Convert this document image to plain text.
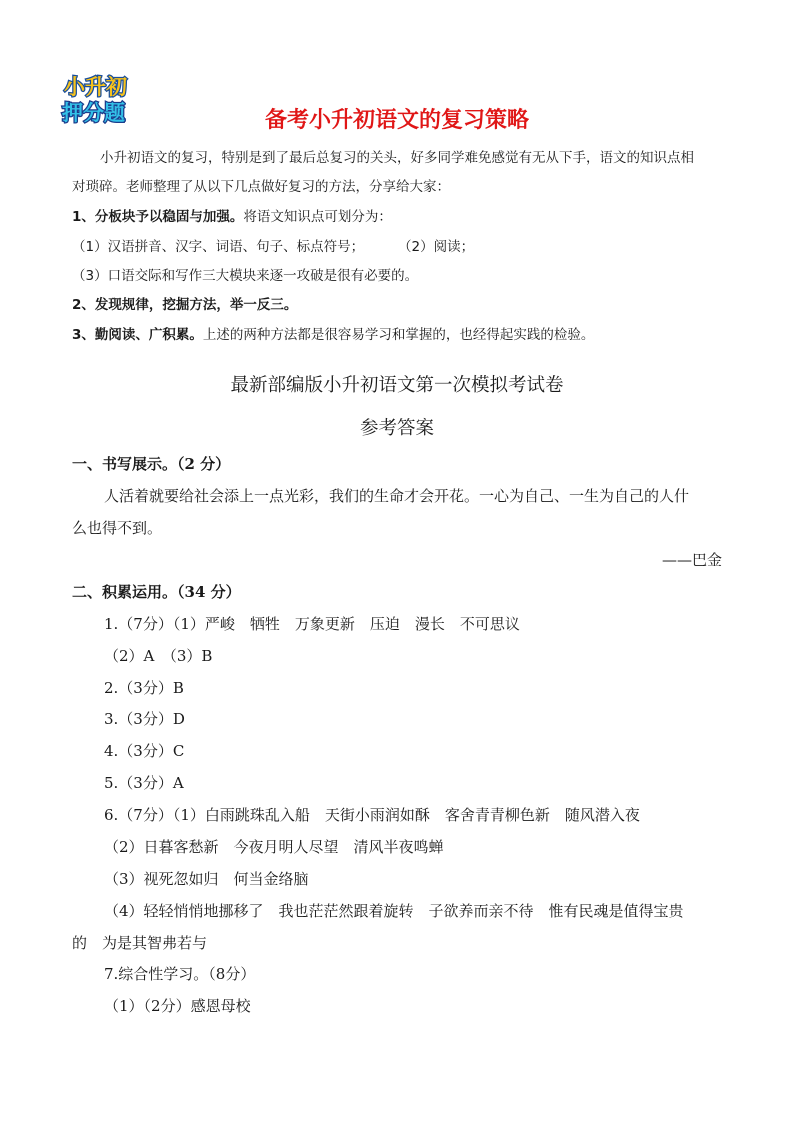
小升初
押分题	备考小升初语文的复习策略
小升初语文的复习，特别是到了最后总复习的关头，好多同学难免感觉有无从下手，语文的知识点相
对琐碎。老师整理了从以下几点做好复习的方法，分享给大家：
1、分板块予以稳固与加强。将语文知识点可划分为：
（1）汉语拼音、汉字、词语、句子、标点符号；	（2）阅读；
（3）口语交际和写作三大模块来逐一攻破是很有必要的。
2、发现规律，挖掘方法，举一反三。
3、勤阅读、广积累。上述的两种方法都是很容易学习和掌握的，也经得起实践的检验。
最新部编版小升初语文第一次模拟考试卷
参考答案
一、书写展示。（2 分）
人活着就要给社会添上一点光彩，我们的生命才会开花。一心为自己、一生为自己的人什
么也得不到。
——巴金
二、积累运用。（34 分）
1.（7分）（1）严峻　牺牲　万象更新　压迫　漫长　不可思议
（2）A　（3）B
2.（3分）B
3.（3分）D
4.（3分）C
5.（3分）A
6.（7分）（1）白雨跳珠乱入船　天街小雨润如酥　客舍青青柳色新　随风潜入夜
（2）日暮客愁新　今夜月明人尽望　清风半夜鸣蝉
（3）视死忽如归　何当金络脑
（4）轻轻悄悄地挪移了　我也茫茫然跟着旋转　子欲养而亲不待　惟有民魂是值得宝贵
的　为是其智弗若与
7.综合性学习。（8分）
（1）（2分）感恩母校
